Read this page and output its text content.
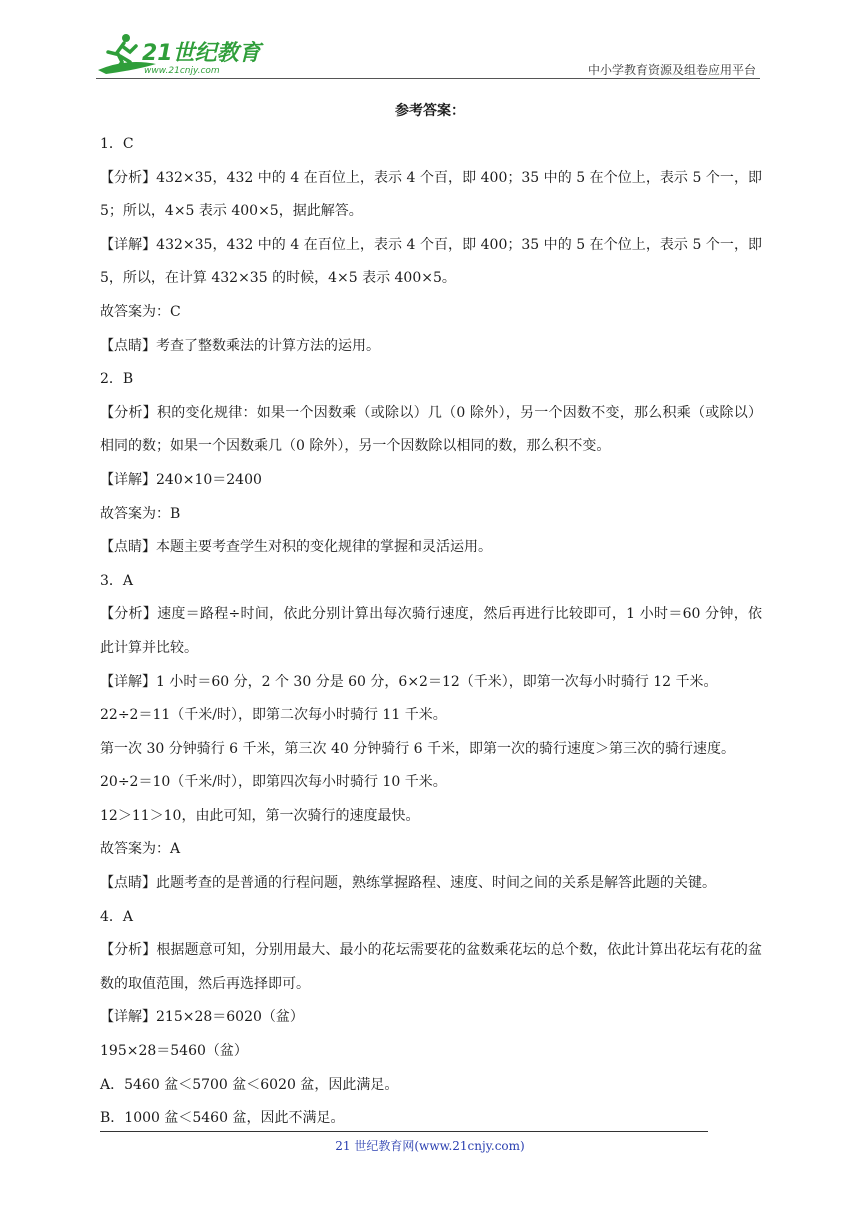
21世纪教育
www.21cnjy.com	中小学教育资源及组卷应用平台
参考答案：

1．C

【分析】432×35，432 中的 4 在百位上，表示 4 个百，即 400；35 中的 5 在个位上，表示 5 个一，即 5；所以，4×5 表示 400×5，据此解答。

【详解】432×35，432 中的 4 在百位上，表示 4 个百，即 400；35 中的 5 在个位上，表示 5 个一，即 5，所以，在计算 432×35 的时候，4×5 表示 400×5。

故答案为：C

【点睛】考查了整数乘法的计算方法的运用。

2．B

【分析】积的变化规律：如果一个因数乘（或除以）几（0 除外），另一个因数不变，那么积乘（或除以）相同的数；如果一个因数乘几（0 除外），另一个因数除以相同的数，那么积不变。

【详解】240×10＝2400

故答案为：B

【点睛】本题主要考查学生对积的变化规律的掌握和灵活运用。

3．A

【分析】速度＝路程÷时间，依此分别计算出每次骑行速度，然后再进行比较即可，1 小时＝60 分钟，依此计算并比较。

【详解】1 小时＝60 分，2 个 30 分是 60 分，6×2＝12（千米），即第一次每小时骑行 12 千米。

22÷2＝11（千米/时），即第二次每小时骑行 11 千米。

第一次 30 分钟骑行 6 千米，第三次 40 分钟骑行 6 千米，即第一次的骑行速度＞第三次的骑行速度。

20÷2＝10（千米/时），即第四次每小时骑行 10 千米。

12＞11＞10，由此可知，第一次骑行的速度最快。

故答案为：A

【点睛】此题考查的是普通的行程问题，熟练掌握路程、速度、时间之间的关系是解答此题的关键。

4．A

【分析】根据题意可知，分别用最大、最小的花坛需要花的盆数乘花坛的总个数，依此计算出花坛有花的盆数的取值范围，然后再选择即可。

【详解】215×28＝6020（盆）

195×28＝5460（盆）

A．5460 盆＜5700 盆＜6020 盆，因此满足。

B．1000 盆＜5460 盆，因此不满足。

21 世纪教育网(www.21cnjy.com)
